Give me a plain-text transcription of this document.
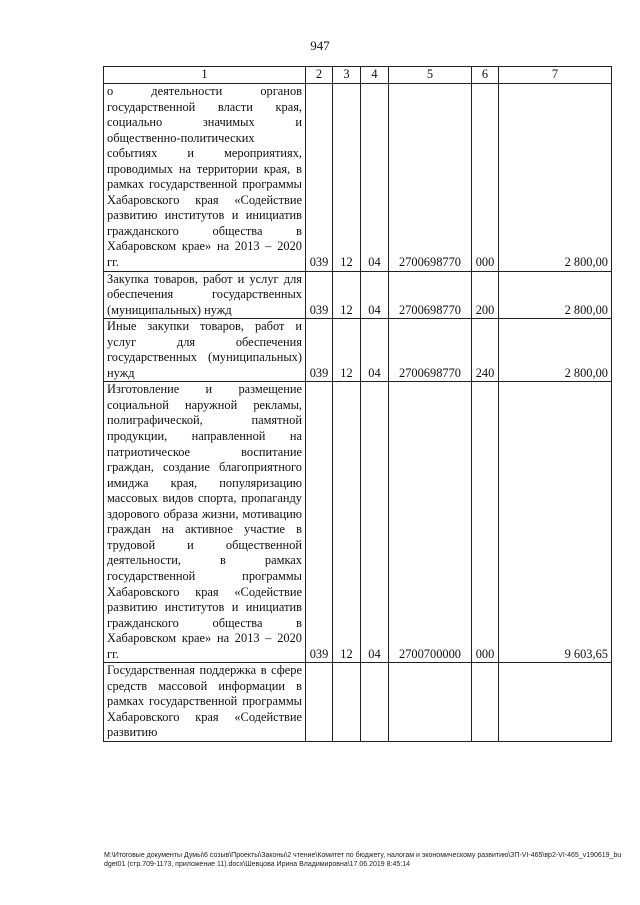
947
1	2	3	4	5	6	7
о деятельности органов государственной власти края, социально значимых и общественно-политических событиях и мероприятиях, проводимых на территории края, в рамках государственной программы Хабаровского края «Содействие развитию институтов и инициатив гражданского общества в Хабаровском крае» на 2013 – 2020 гг.	039	12	04	2700698770	000	2 800,00
Закупка товаров, работ и услуг для обеспечения государственных (муниципальных) нужд	039	12	04	2700698770	200	2 800,00
Иные закупки товаров, работ и услуг для обеспечения государственных (муниципальных) нужд	039	12	04	2700698770	240	2 800,00
Изготовление и размещение социальной наружной рекламы, полиграфической, памятной продукции, направленной на патриотическое воспитание граждан, создание благоприятного имиджа края, популяризацию массовых видов спорта, пропаганду здорового образа жизни, мотивацию граждан на активное участие в трудовой и общественной деятельности, в рамках государственной программы Хабаровского края «Содействие развитию институтов и инициатив гражданского общества в Хабаровском крае» на 2013 – 2020 гг.	039	12	04	2700700000	000	9 603,65
Государственная поддержка в сфере средств массовой информации в рамках государственной программы Хабаровского края «Содействие развитию						
M:\Итоговые документы Думы\6 созыв\Проекты\Законы\2 чтение\Комитет по бюджету, налогам и экономическому развитию\ЗП-VI-465\вр2-VI-465_v190619_budget01 (стр.709-1173, приложение 11).docx\Шевцова Ирина Владимировна\17.06.2019 8:45:14
